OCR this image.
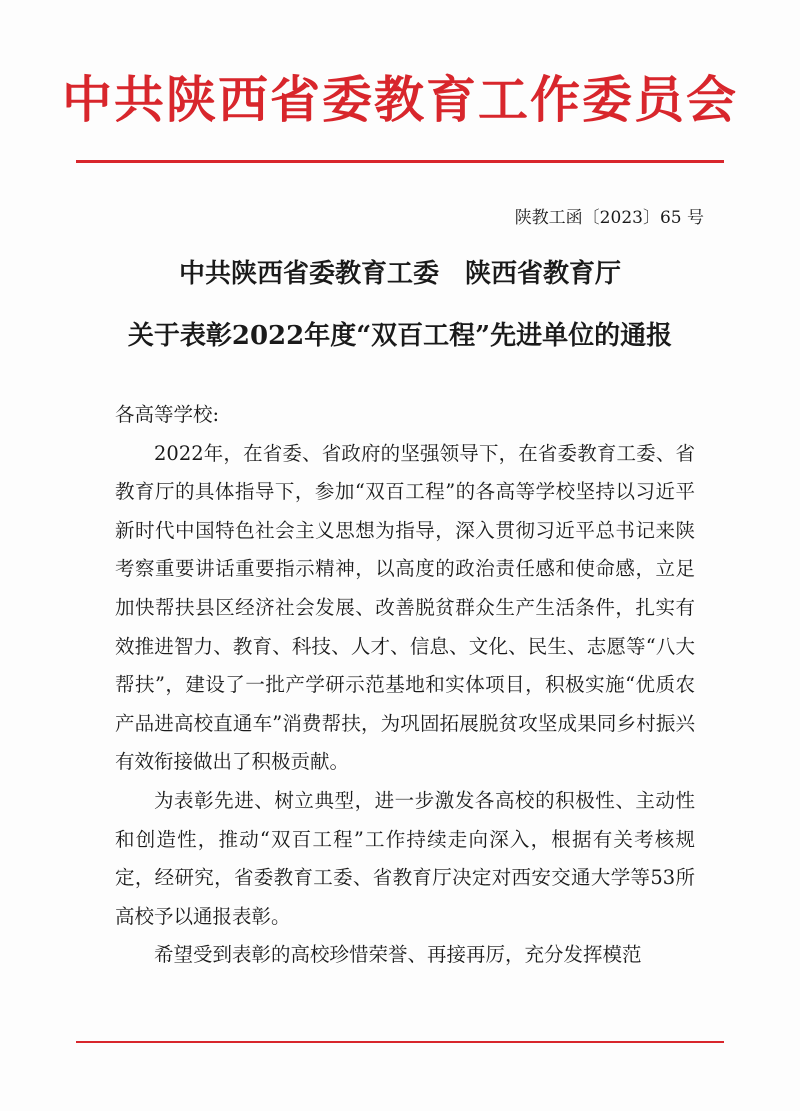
中共陕西省委教育工作委员会
陕教工函〔2023〕65 号
中共陕西省委教育工委　陕西省教育厅
关于表彰2022年度“双百工程”先进单位的通报

各高等学校:

2022年，在省委、省政府的坚强领导下，在省委教育工委、省教育厅的具体指导下，参加“双百工程”的各高等学校坚持以习近平新时代中国特色社会主义思想为指导，深入贯彻习近平总书记来陕考察重要讲话重要指示精神，以高度的政治责任感和使命感，立足加快帮扶县区经济社会发展、改善脱贫群众生产生活条件，扎实有效推进智力、教育、科技、人才、信息、文化、民生、志愿等“八大帮扶”，建设了一批产学研示范基地和实体项目，积极实施“优质农产品进高校直通车”消费帮扶，为巩固拓展脱贫攻坚成果同乡村振兴有效衔接做出了积极贡献。

为表彰先进、树立典型，进一步激发各高校的积极性、主动性和创造性，推动“双百工程”工作持续走向深入，根据有关考核规定，经研究，省委教育工委、省教育厅决定对西安交通大学等53所高校予以通报表彰。

希望受到表彰的高校珍惜荣誉、再接再厉，充分发挥模范
